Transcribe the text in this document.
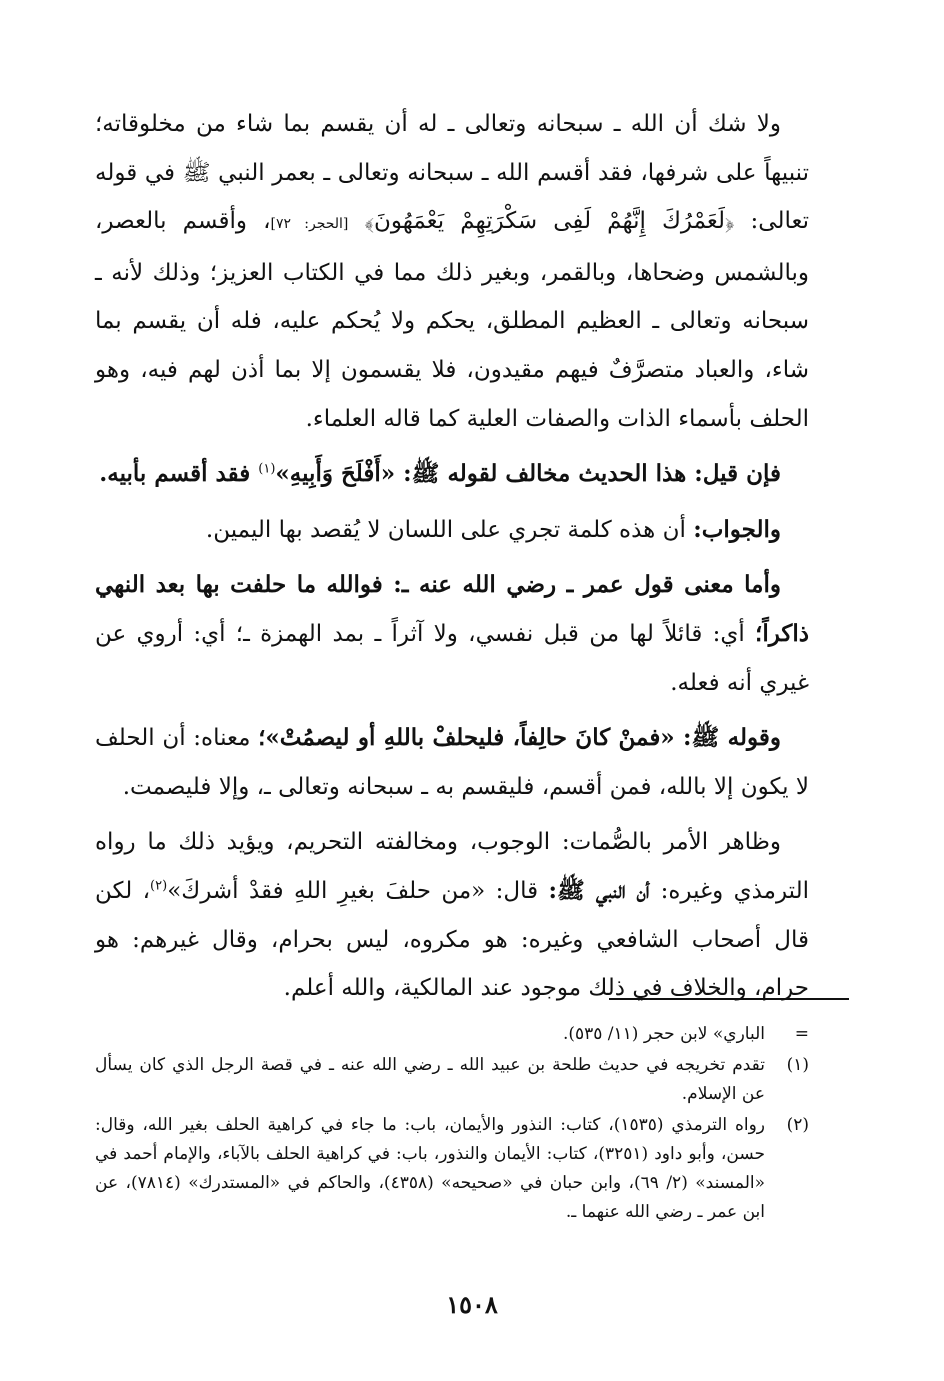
ولا شك أن الله ـ سبحانه وتعالى ـ له أن يقسم بما شاء من مخلوقاته؛ تنبيهاً على شرفها، فقد أقسم الله ـ سبحانه وتعالى ـ بعمر النبي ﷺ في قوله تعالى: ﴿لَعَمْرُكَ إِنَّهُمْ لَفِى سَكْرَتِهِمْ يَعْمَهُونَ﴾ [الحجر: ٧٢]، وأقسم بالعصر، وبالشمس وضحاها، وبالقمر، وبغير ذلك مما في الكتاب العزيز؛ وذلك لأنه ـ سبحانه وتعالى ـ العظيم المطلق، يحكم ولا يُحكم عليه، فله أن يقسم بما شاء، والعباد متصرَّفٌ فيهم مقيدون، فلا يقسمون إلا بما أذن لهم فيه، وهو الحلف بأسماء الذات والصفات العلية كما قاله العلماء.

فإن قيل: هذا الحديث مخالف لقوله ﷺ: «أَفْلَحَ وَأَبِيهِ»$^{(١)}$ فقد أقسم بأبيه.

والجواب: أن هذه كلمة تجري على اللسان لا يُقصد بها اليمين.

وأما معنى قول عمر ـ رضي الله عنه ـ: فوالله ما حلفت بها بعد النهي ذاكراً؛ أي: قائلاً لها من قبل نفسي، ولا آثراً ـ بمد الهمزة ـ؛ أي: أروي عن غيري أنه فعله.

وقوله ﷺ: «فمنْ كانَ حالِفاً، فليحلفْ باللهِ أو ليصمُتْ»؛ معناه: أن الحلف لا يكون إلا بالله، فمن أقسم، فليقسم به ـ سبحانه وتعالى ـ، وإلا فليصمت.

وظاهر الأمر بالصُّمات: الوجوب، ومخالفته التحريم، ويؤيد ذلك ما رواه الترمذي وغيره: أن النبي ﷺ: قال: «من حلفَ بغيرِ اللهِ فقدْ أشركَ»$^{(٢)}$، لكن قال أصحاب الشافعي وغيره: هو مكروه، ليس بحرام، وقال غيرهم: هو حرام، والخلاف في ذلك موجود عند المالكية، والله أعلم.

=
الباري» لابن حجر (١١/ ٥٣٥).
(١)
تقدم تخريجه في حديث طلحة بن عبيد الله ـ رضي الله عنه ـ في قصة الرجل الذي كان يسأل عن الإسلام.
(٢)
رواه الترمذي (١٥٣٥)، كتاب: النذور والأيمان، باب: ما جاء في كراهية الحلف بغير الله، وقال: حسن، وأبو داود (٣٢٥١)، كتاب: الأيمان والنذور، باب: في كراهية الحلف بالآباء، والإمام أحمد في «المسند» (٢/ ٦٩)، وابن حبان في «صحيحه» (٤٣٥٨)، والحاكم في «المستدرك» (٧٨١٤)، عن ابن عمر ـ رضي الله عنهما ـ.
١٥٠٨
